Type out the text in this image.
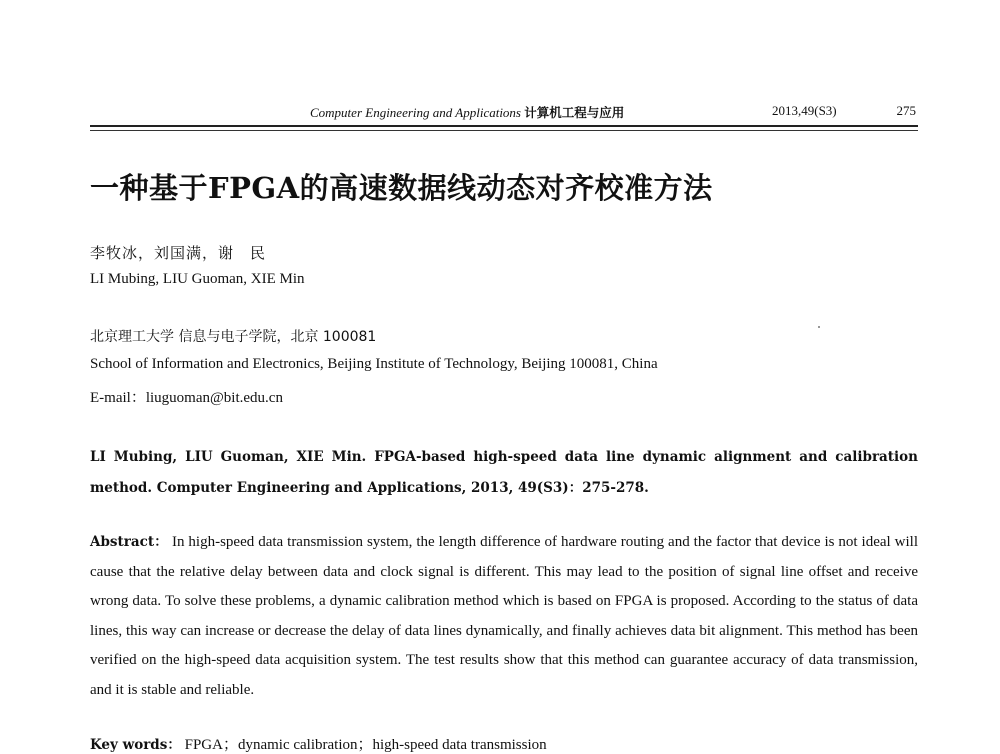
Computer Engineering and Applications 计算机工程与应用	2013,49(S3)	275
一种基于FPGA的高速数据线动态对齐校准方法
李牧冰，刘国满，谢　民
LI Mubing, LIU Guoman, XIE Min
北京理工大学 信息与电子学院，北京 100081
School of Information and Electronics, Beijing Institute of Technology, Beijing 100081, China
E-mail：liuguoman@bit.edu.cn
LI Mubing, LIU Guoman, XIE Min. FPGA-based high-speed data line dynamic alignment and calibration method. Computer Engineering and Applications, 2013, 49(S3)：275-278.
Abstract： In high-speed data transmission system, the length difference of hardware routing and the factor that device is not ideal will cause that the relative delay between data and clock signal is different. This may lead to the position of signal line offset and receive wrong data. To solve these problems, a dynamic calibration method which is based on FPGA is proposed. According to the status of data lines, this way can increase or decrease the delay of data lines dynamically, and finally achieves data bit alignment. This method has been verified on the high-speed data acquisition system. The test results show that this method can guarantee accuracy of data transmission, and it is stable and reliable.
Key words： FPGA；dynamic calibration；high-speed data transmission
